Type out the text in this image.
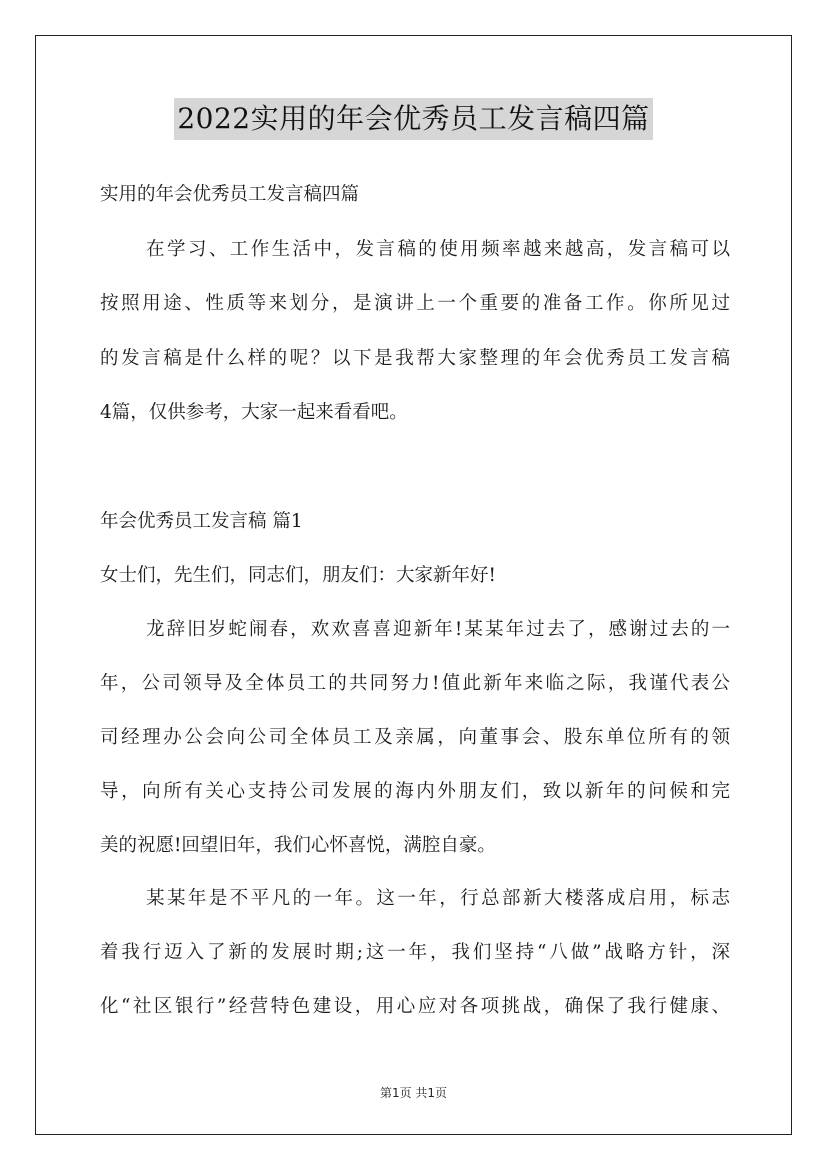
2022实用的年会优秀员工发言稿四篇
实用的年会优秀员工发言稿四篇
在学习、工作生活中，发言稿的使用频率越来越高，发言稿可以
按照用途、性质等来划分，是演讲上一个重要的准备工作。你所见过
的发言稿是什么样的呢？以下是我帮大家整理的年会优秀员工发言稿
4篇，仅供参考，大家一起来看看吧。
年会优秀员工发言稿 篇1
女士们，先生们，同志们，朋友们：大家新年好!
龙辞旧岁蛇闹春，欢欢喜喜迎新年!某某年过去了，感谢过去的一
年，公司领导及全体员工的共同努力!值此新年来临之际，我谨代表公
司经理办公会向公司全体员工及亲属，向董事会、股东单位所有的领
导，向所有关心支持公司发展的海内外朋友们，致以新年的问候和完
美的祝愿!回望旧年，我们心怀喜悦，满腔自豪。
某某年是不平凡的一年。这一年，行总部新大楼落成启用，标志
着我行迈入了新的发展时期;这一年，我们坚持“八做”战略方针，深
化“社区银行”经营特色建设，用心应对各项挑战，确保了我行健康、
第1页 共1页
